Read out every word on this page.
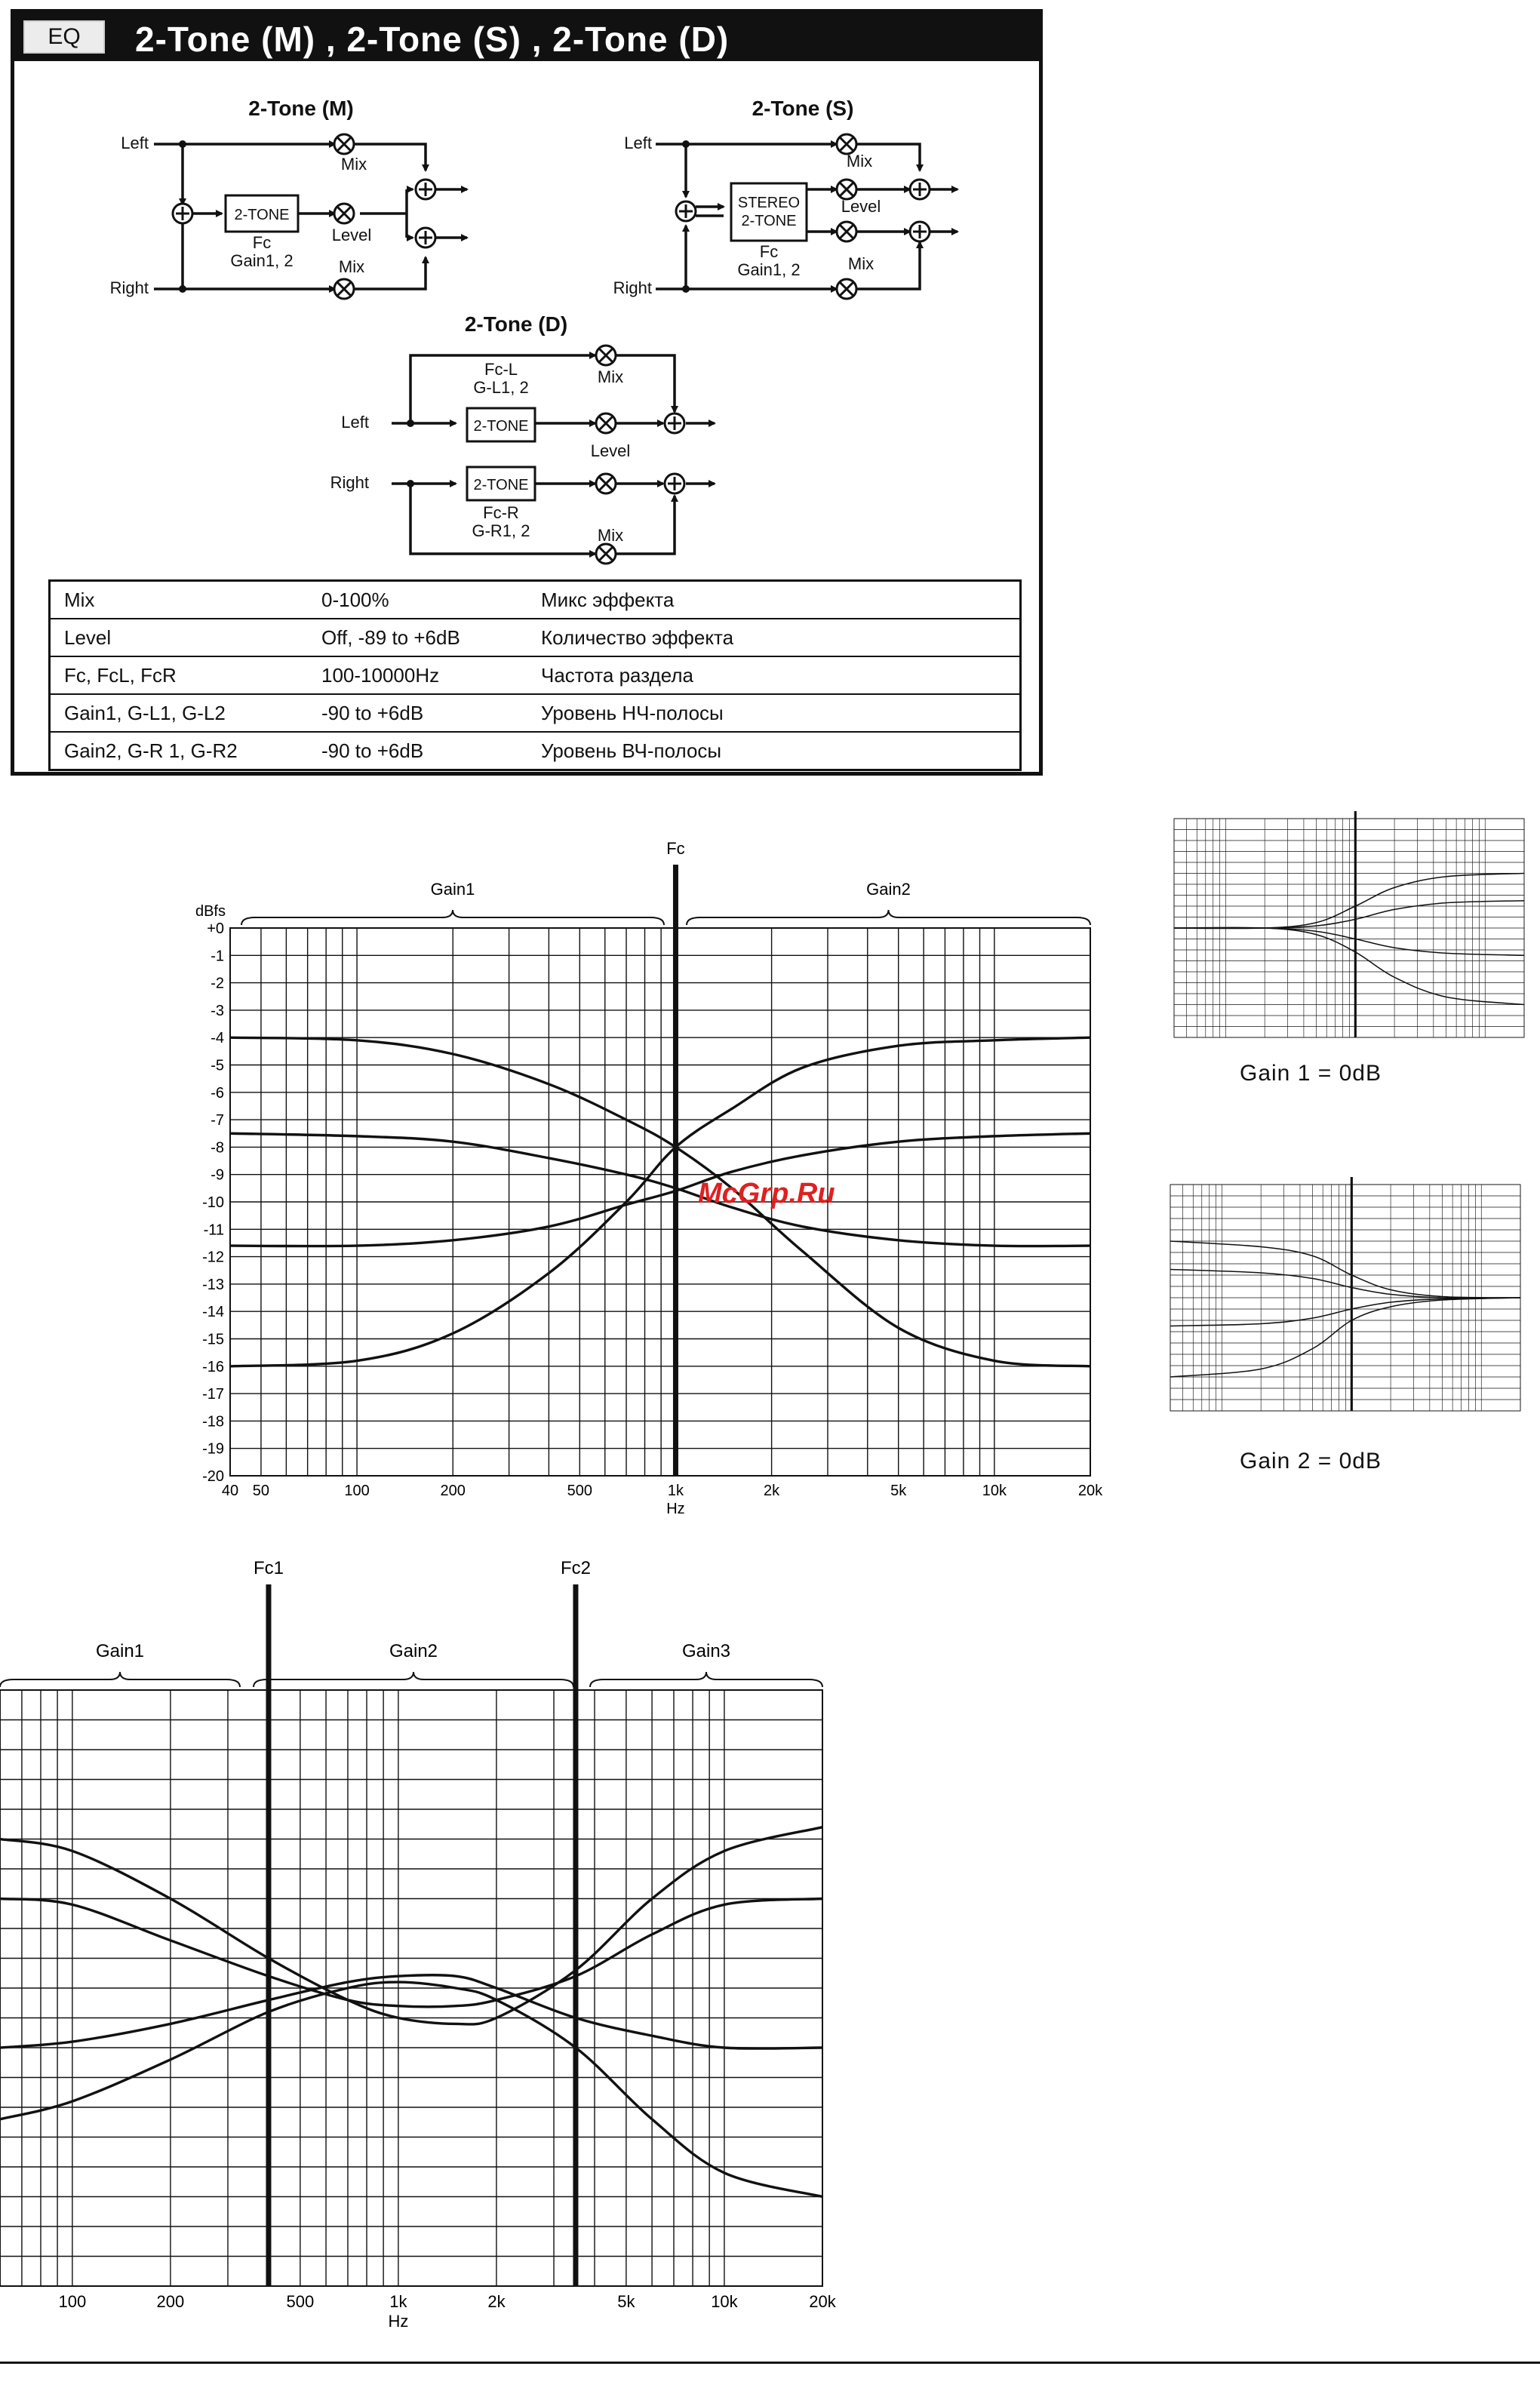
EQ	2-Tone (M) , 2-Tone (S) , 2-Tone (D)
2-Tone (M)
Left
Right
2-TONE
Fc
Gain1, 2
Mix
Level
Mix
2-Tone (S)
Left
Right
STEREO
2-TONE
Fc
Gain1, 2
Mix
Level
Mix
2-Tone (D)
Left
Right
Fc-L
G-L1, 2
2-TONE
2-TONE
Fc-R
G-R1, 2
Mix
Level
Mix
Mix	0-100%	Микс эффекта
Level	Off, -89 to +6dB	Количество эффекта
Fc, FcL, FcR	100-10000Hz	Частота раздела
Gain1, G-L1, G-L2	-90 to +6dB	Уровень НЧ-полосы
Gain2, G-R 1, G-R2	-90 to +6dB	Уровень ВЧ-полосы
+0
-1
-2
-3
-4
-5
-6
-7
-8
-9
-10
-11
-12
-13
-14
-15
-16
-17
-18
-19
-20
40 50	100	200	500	1k	2k	5k	10k	20k
Hz
dBfs
Fc
Gain1	Gain2
100	200	500	1k	2k	5k	10k	20k
Hz
Fc1	Fc2
Gain1	Gain2	Gain3
Gain 1 = 0dB
Gain 2 = 0dB
McGrp.Ru
